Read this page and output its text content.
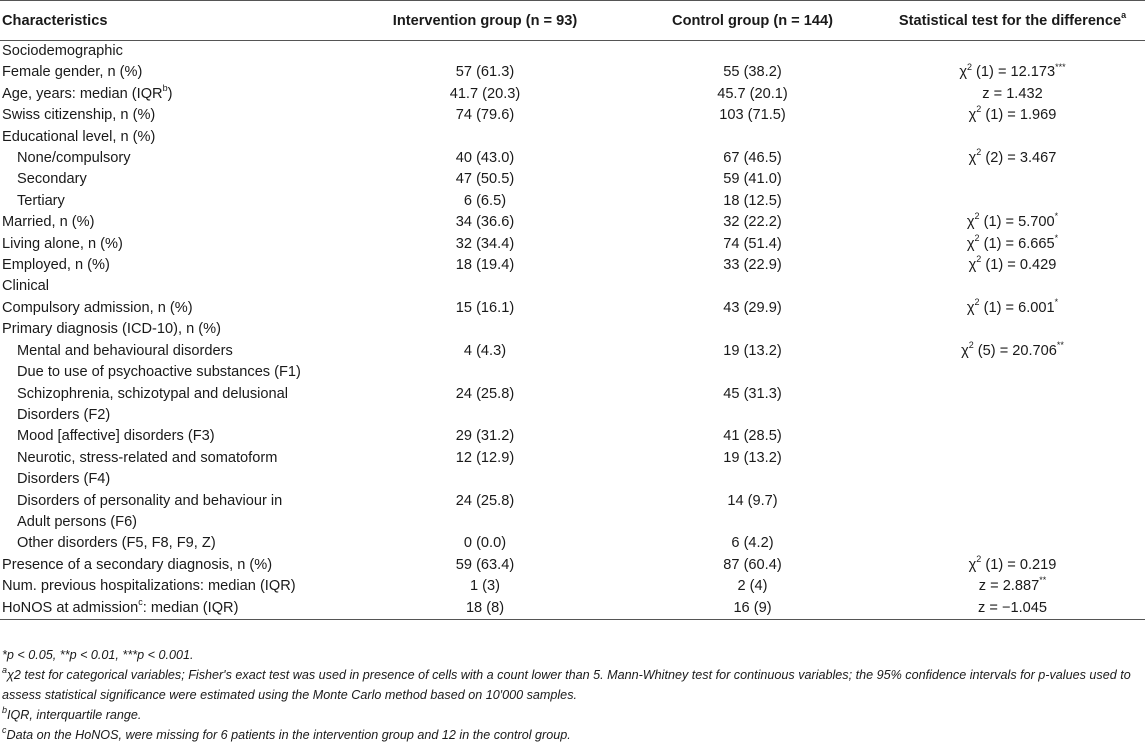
Characteristics	Intervention group (n = 93)	Control group (n = 144)	Statistical test for the difference$^a$
Sociodemographic			
Female gender, n (%)	57 (61.3)	55 (38.2)	$\chi^2$ (1) = 12.173***
Age, years: median (IQR$^b$)	41.7 (20.3)	45.7 (20.1)	z = 1.432
Swiss citizenship, n (%)	74 (79.6)	103 (71.5)	$\chi^2$ (1) = 1.969
Educational level, n (%)			
None/compulsory	40 (43.0)	67 (46.5)	$\chi^2$ (2) = 3.467
Secondary	47 (50.5)	59 (41.0)	
Tertiary	6 (6.5)	18 (12.5)	
Married, n (%)	34 (36.6)	32 (22.2)	$\chi^2$ (1) = 5.700*
Living alone, n (%)	32 (34.4)	74 (51.4)	$\chi^2$ (1) = 6.665*
Employed, n (%)	18 (19.4)	33 (22.9)	$\chi^2$ (1) = 0.429
Clinical			
Compulsory admission, n (%)	15 (16.1)	43 (29.9)	$\chi^2$ (1) = 6.001*
Primary diagnosis (ICD-10), n (%)			
Mental and behavioural disorders	4 (4.3)	19 (13.2)	$\chi^2$ (5) = 20.706**
Due to use of psychoactive substances (F1)			
Schizophrenia, schizotypal and delusional	24 (25.8)	45 (31.3)	
Disorders (F2)			
Mood [affective] disorders (F3)	29 (31.2)	41 (28.5)	
Neurotic, stress-related and somatoform	12 (12.9)	19 (13.2)	
Disorders (F4)			
Disorders of personality and behaviour in	24 (25.8)	14 (9.7)	
Adult persons (F6)			
Other disorders (F5, F8, F9, Z)	0 (0.0)	6 (4.2)	
Presence of a secondary diagnosis, n (%)	59 (63.4)	87 (60.4)	$\chi^2$ (1) = 0.219
Num. previous hospitalizations: median (IQR)	1 (3)	2 (4)	z = 2.887**
HoNOS at admission$^c$: median (IQR)	18 (8)	16 (9)	z = −1.045
*p < 0.05, **p < 0.01, ***p < 0.001.
$^a$χ2 test for categorical variables; Fisher's exact test was used in presence of cells with a count lower than 5. Mann-Whitney test for continuous variables; the 95% confidence intervals for p-values used to assess statistical significance were estimated using the Monte Carlo method based on 10′000 samples.
$^b$IQR, interquartile range.
$^c$Data on the HoNOS, were missing for 6 patients in the intervention group and 12 in the control group.
